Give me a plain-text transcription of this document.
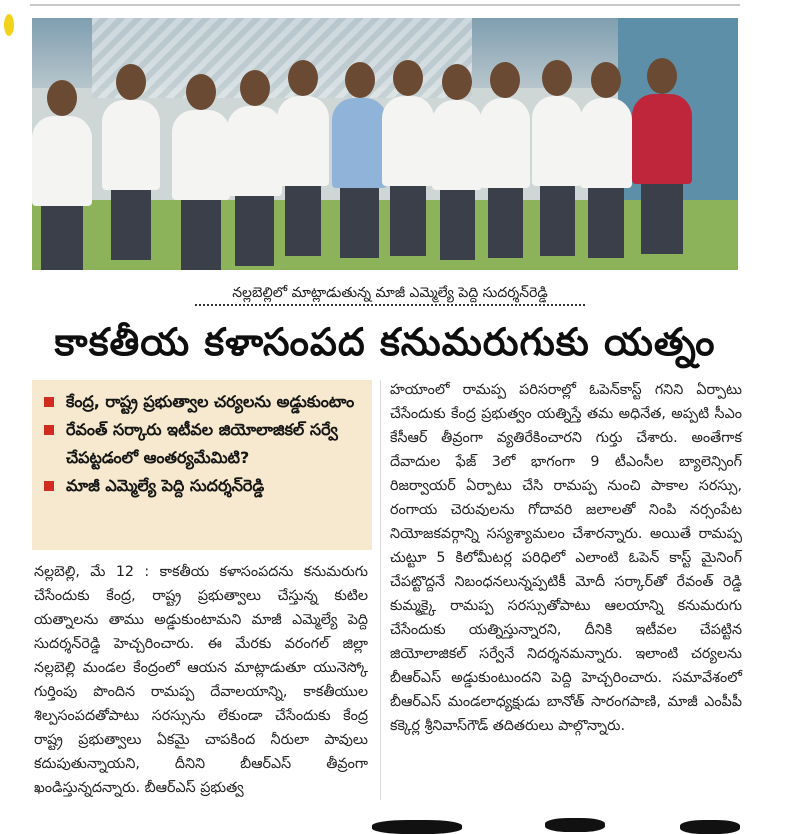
నల్లబెల్లిలో మాట్లాడుతున్న మాజీ ఎమ్మెల్యే పెద్ది సుదర్శన్‌రెడ్డి
కాకతీయ కళాసంపద కనుమరుగుకు యత్నం
కేంద్ర, రాష్ట్ర ప్రభుత్వాల చర్యలను అడ్డుకుంటాం
రేవంత్ సర్కారు ఇటీవల జియోలాజికల్ సర్వే చేపట్టడంలో ఆంతర్యమేమిటి?
మాజీ ఎమ్మెల్యే పెద్ది సుదర్శన్‌రెడ్డి
నల్లబెల్లి, మే 12 : కాకతీయ కళాసంపదను కనుమరుగు చేసేందుకు కేంద్ర, రాష్ట్ర ప్రభుత్వాలు చేస్తున్న కుటిల యత్నాలను తాము అడ్డుకుంటామని మాజీ ఎమ్మెల్యే పెద్ది సుదర్శన్‌రెడ్డి హెచ్చరించారు. ఈ మేరకు వరంగల్ జిల్లా నల్లబెల్లి మండల కేంద్రంలో ఆయన మాట్లాడుతూ యునెస్కో గుర్తింపు పొందిన రామప్ప దేవాలయాన్ని, కాకతీయుల శిల్పసంపదతోపాటు సరస్సును లేకుండా చేసేందుకు కేంద్ర రాష్ట్ర ప్రభుత్వాలు ఏకమై చాపకింద నీరులా పావులు కదుపుతున్నాయని, దీనిని బీఆర్ఎస్ తీవ్రంగా ఖండిస్తున్నదన్నారు. బీఆర్ఎస్ ప్రభుత్వ
హయాంలో రామప్ప పరిసరాల్లో ఓపెన్‌కాస్ట్ గనిని ఏర్పాటు చేసేందుకు కేంద్ర ప్రభుత్వం యత్నిస్తే తమ అధినేత, అప్పటి సీఎం కేసీఆర్ తీవ్రంగా వ్యతిరేకించారని గుర్తు చేశారు. అంతేగాక దేవాదుల ఫేజ్ 3లో భాగంగా 9 టీఎంసీల బ్యాలెన్సింగ్ రిజర్వాయర్ ఏర్పాటు చేసి రామప్ప నుంచి పాకాల సరస్సు, రంగాయ చెరువులను గోదావరి జలాలతో నింపి నర్సంపేట నియోజకవర్గాన్ని సస్యశ్యామలం చేశారన్నారు. అయితే రామప్ప చుట్టూ 5 కిలోమీటర్ల పరిధిలో ఎలాంటి ఓపెన్ కాస్ట్ మైనింగ్ చేపట్టొద్దనే నిబంధనలున్నప్పటికీ మోదీ సర్కార్‌తో రేవంత్ రెడ్డి కుమ్మక్కై రామప్ప సరస్సుతోపాటు ఆలయాన్ని కనుమరుగు చేసేందుకు యత్నిస్తున్నారని, దీనికి ఇటీవల చేపట్టిన జియోలాజికల్ సర్వేనే నిదర్శనమన్నారు. ఇలాంటి చర్యలను బీఆర్ఎస్ అడ్డుకుంటుందని పెద్ది హెచ్చరించారు. సమావేశంలో బీఆర్ఎస్ మండలాధ్యక్షుడు బానోత్ సారంగపాణి, మాజీ ఎంపీపీ కక్కెర్ల శ్రీనివాస్‌గౌడ్ తదితరులు పాల్గొన్నారు.
